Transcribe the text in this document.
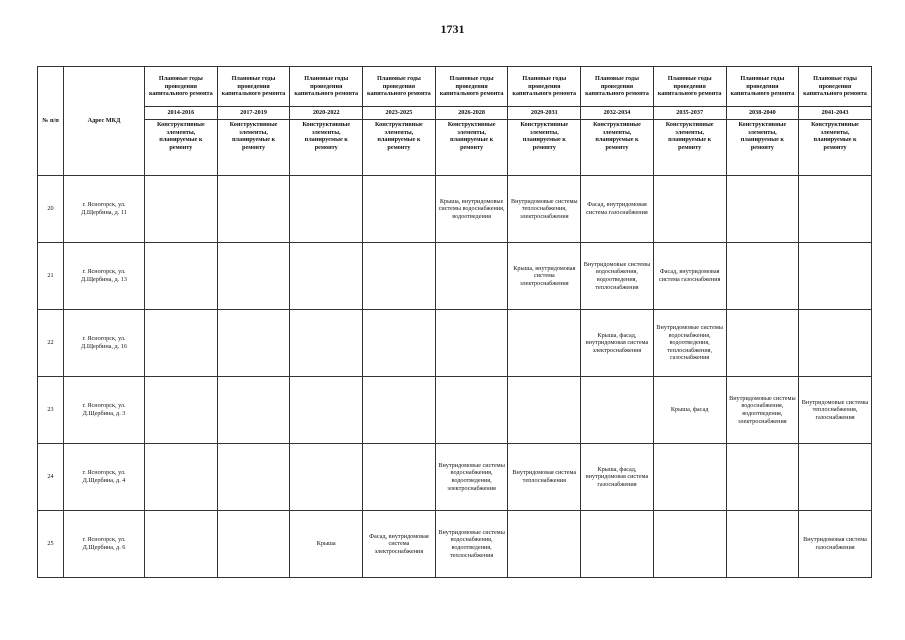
1731
№ п/п	Адрес МКД	Плановые годы проведения капитального ремонта	Плановые годы проведения капитального ремонта	Плановые годы проведения капитального ремонта	Плановые годы проведения капитального ремонта	Плановые годы проведения капитального ремонта	Плановые годы проведения капитального ремонта	Плановые годы проведения капитального ремонта	Плановые годы проведения капитального ремонта	Плановые годы проведения капитального ремонта	Плановые годы проведения капитального ремонта
		2014-2016	2017-2019	2020-2022	2023-2025	2026-2028	2029-2031	2032-2034	2035-2037	2038-2040	2041-2043
		Конструктивные элементы, планируемые к ремонту	Конструктивные элементы, планируемые к ремонту	Конструктивные элементы, планируемые к ремонту	Конструктивные элементы, планируемые к ремонту	Конструктивные элементы, планируемые к ремонту	Конструктивные элементы, планируемые к ремонту	Конструктивные элементы, планируемые к ремонту	Конструктивные элементы, планируемые к ремонту	Конструктивные элементы, планируемые к ремонту	Конструктивные элементы, планируемые к ремонту
20	г. Ясногорск, ул. Д.Щербина, д. 11					Крыша, внутридомовые системы водоснабжения, водоотведения	Внутридомовые системы теплоснабжения, электроснабжения	Фасад, внутридомовая система газоснабжения			
21	г. Ясногорск, ул. Д.Щербина, д. 13						Крыша, внутридомовая система электроснабжения	Внутридомовые системы водоснабжения, водоотведения, теплоснабжения	Фасад, внутридомовая система газоснабжения		
22	г. Ясногорск, ул. Д.Щербина, д. 16							Крыша, фасад, внутридомовая система электроснабжения	Внутридомовые системы водоснабжения, водоотведения, теплоснабжения, газоснабжения		
23	г. Ясногорск, ул. Д.Щербина, д. 3								Крыша, фасад	Внутридомовые системы водоснабжения, водоотведения, электроснабжения	Внутридомовые системы теплоснабжения, газоснабжения
24	г. Ясногорск, ул. Д.Щербина, д. 4					Внутридомовые системы водоснабжения, водоотведения, электроснабжения	Внутридомовая система теплоснабжения	Крыша, фасад, внутридомовая система газоснабжения			
25	г. Ясногорск, ул. Д.Щербина, д. 6			Крыша	Фасад, внутридомовая система электроснабжения	Внутридомовые системы водоснабжения, водоотведения, теплоснабжения					Внутридомовая система газоснабжения
